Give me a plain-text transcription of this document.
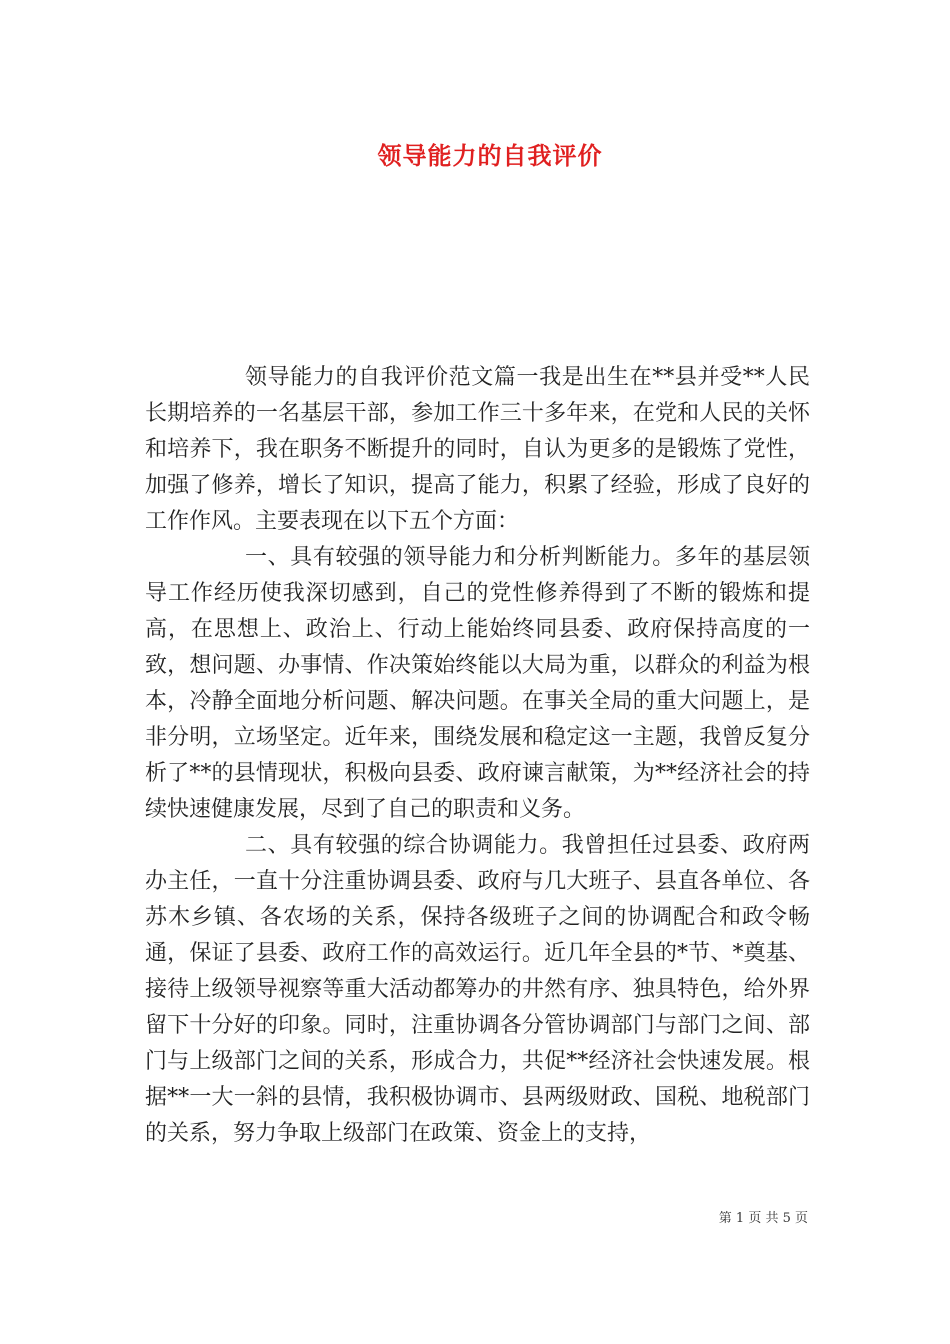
领导能力的自我评价

领导能力的自我评价范文篇一我是出生在**县并受**人民长期培养的一名基层干部，参加工作三十多年来，在党和人民的关怀和培养下，我在职务不断提升的同时，自认为更多的是锻炼了党性，加强了修养，增长了知识，提高了能力，积累了经验，形成了良好的工作作风。主要表现在以下五个方面：

一、具有较强的领导能力和分析判断能力。多年的基层领导工作经历使我深切感到，自己的党性修养得到了不断的锻炼和提高，在思想上、政治上、行动上能始终同县委、政府保持高度的一致，想问题、办事情、作决策始终能以大局为重，以群众的利益为根本，冷静全面地分析问题、解决问题。在事关全局的重大问题上，是非分明，立场坚定。近年来，围绕发展和稳定这一主题，我曾反复分析了**的县情现状，积极向县委、政府谏言献策，为**经济社会的持续快速健康发展，尽到了自己的职责和义务。

二、具有较强的综合协调能力。我曾担任过县委、政府两办主任，一直十分注重协调县委、政府与几大班子、县直各单位、各苏木乡镇、各农场的关系，保持各级班子之间的协调配合和政令畅通，保证了县委、政府工作的高效运行。近几年全县的*节、*奠基、接待上级领导视察等重大活动都筹办的井然有序、独具特色，给外界留下十分好的印象。同时，注重协调各分管协调部门与部门之间、部门与上级部门之间的关系，形成合力，共促**经济社会快速发展。根据**一大一斜的县情，我积极协调市、县两级财政、国税、地税部门的关系，努力争取上级部门在政策、资金上的支持，

第 1 页 共 5 页
